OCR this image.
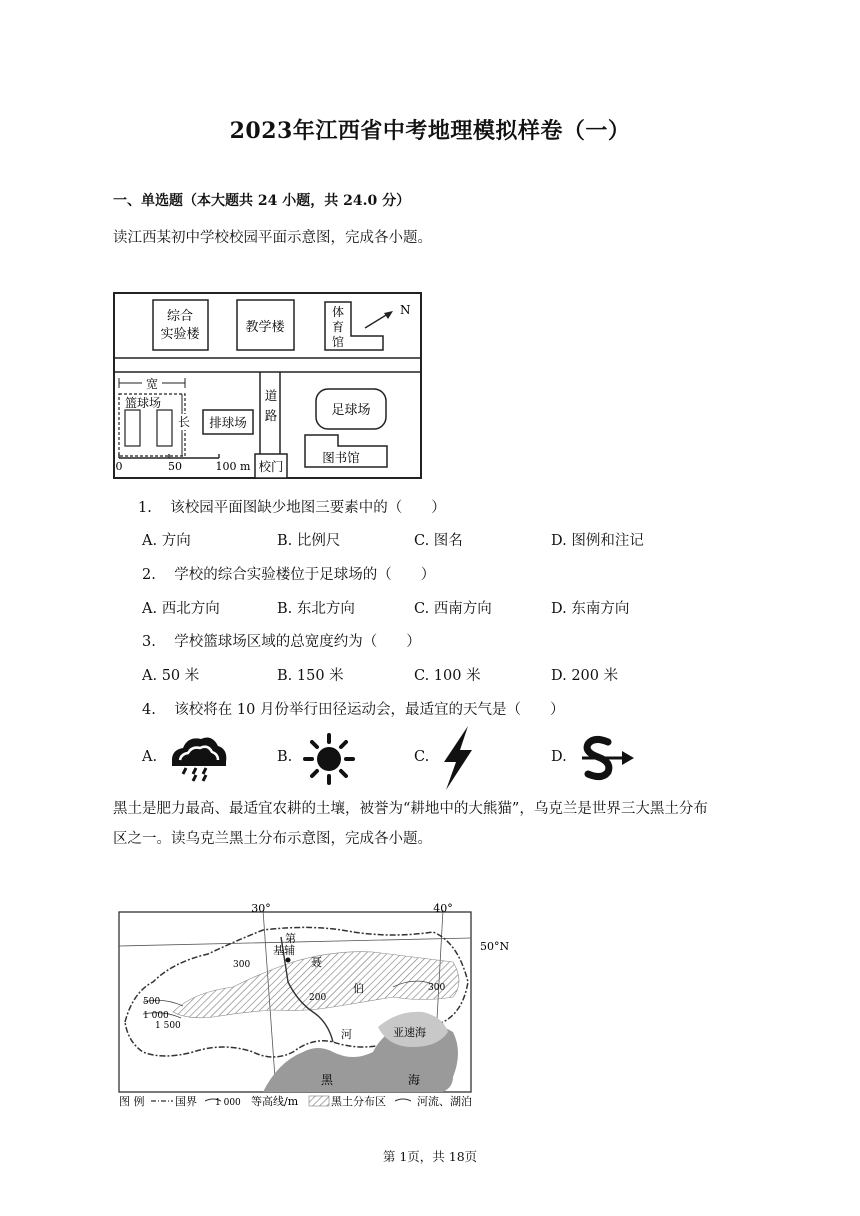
2023年江西省中考地理模拟样卷（一）
一、单选题（本大题共 24 小题，共 24.0 分）
读江西某初中学校校园平面示意图，完成各小题。
综合
实验楼	教学楼
体
育
馆
N
宽
篮球场
长 排球场
道
路
校门
足球场
图书馆
0	50	100 m
1. 该校园平面图缺少地图三要素中的（　　）
A. 方向	B. 比例尺	C. 图名	D. 图例和注记
2. 学校的综合实验楼位于足球场的（　　）
A. 西北方向	B. 东北方向	C. 西南方向	D. 东南方向
3. 学校篮球场区域的总宽度约为（　　）
A. 50 米	B. 150 米	C. 100 米	D. 200 米
4. 该校将在 10 月份举行田径运动会，最适宜的天气是（　　）
A.	B.	C.	D.
黑土是肥力最高、最适宜农耕的土壤，被誉为“耕地中的大熊猫”，乌克兰是世界三大黑土分布
区之一。读乌克兰黑土分布示意图，完成各小题。
30°	40°
50°N
300
500
1 000
1 500
200
300
基辅
第
聂
伯
河	亚速海
黑	海
图 例	国界 1 000 等高线/m	黑土分布区	河流、湖泊
第 1页，共 18页
